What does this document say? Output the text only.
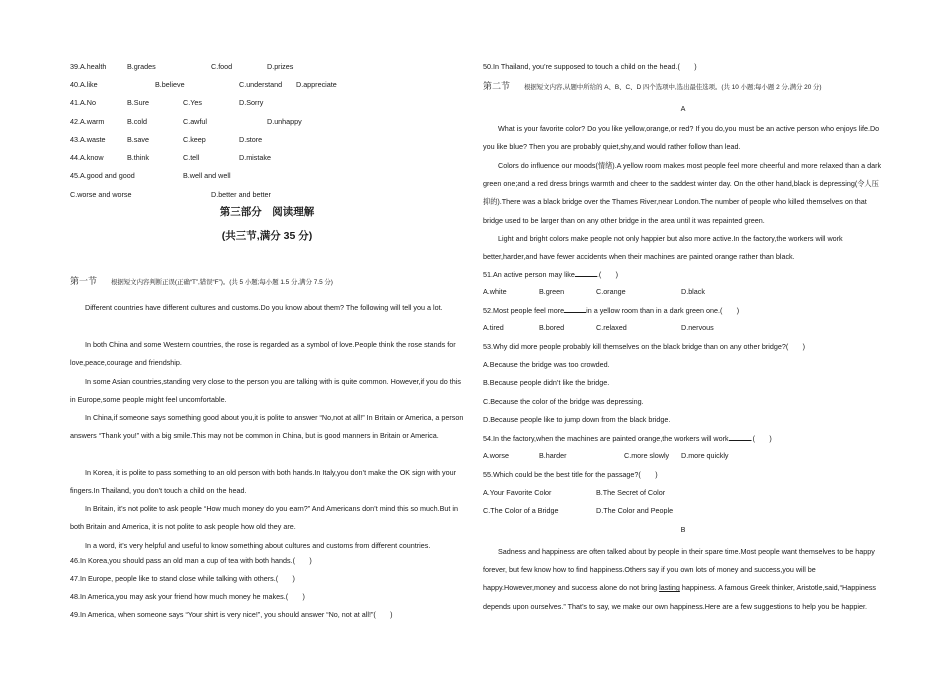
39.A.health	B.grades	C.food	D.prizes
40.A.like	B.believe	C.understand D.appreciate
41.A.No	B.Sure	C.Yes	D.Sorry
42.A.warm	B.cold	C.awful	D.unhappy
43.A.waste	B.save	C.keep	D.store
44.A.know	B.think	C.tell	D.mistake
45.A.good and good	B.well and well
C.worse and worse	D.better and better
第三部分　阅读理解
(共三节,满分 35 分)
第一节 根据短文内容判断正误(正确“T”,错误“F”)。(共 5 小题;每小题 1.5 分,满分 7.5 分)
Different countries have different cultures and customs.Do you know about them? The following will tell you a lot.
In both China and some Western countries, the rose is regarded as a symbol of love.People think the rose stands for love,peace,courage and friendship.
In some Asian countries,standing very close to the person you are talking with is quite common. However,if you do this in Europe,some people might feel uncomfortable.
In China,if someone says something good about you,it is polite to answer “No,not at all!” In Britain or America, a person answers “Thank you!” with a big smile.This may not be common in China, but is good manners in Britain or America.
In Korea, it is polite to pass something to an old person with both hands.In Italy,you don’t make the OK sign with your fingers.In Thailand, you don’t touch a child on the head.
In Britain, it’s not polite to ask people “How much money do you earn?” And Americans don’t mind this so much.But in both Britain and America, it is not polite to ask people how old they are.
In a word, it’s very helpful and useful to know something about cultures and customs from different countries.
46.In Korea,you should pass an old man a cup of tea with both hands.(　　)
47.In Europe, people like to stand close while talking with others.(　　)
48.In America,you may ask your friend how much money he makes.(　　)
49.In America, when someone says “Your shirt is very nice!”, you should answer “No, not at all!”(　　)
50.In Thailand, you’re supposed to touch a child on the head.(　　)
第二节 根据短文内容,从题中所给的 A、B、C、D 四个选项中,选出最佳选项。(共 10 小题;每小题 2 分,满分 20 分)
A
What is your favorite color? Do you like yellow,orange,or red? If you do,you must be an active person who enjoys life.Do you like blue? Then you are probably quiet,shy,and would rather follow than lead.
Colors do influence our moods(情绪).A yellow room makes most people feel more cheerful and more relaxed than a dark green one;and a red dress brings warmth and cheer to the saddest winter day. On the other hand,black is depressing(令人压抑的).There was a black bridge over the Thames River,near London.The number of people who killed themselves on that bridge used to be larger than on any other bridge in the area until it was repainted green.
Light and bright colors make people not only happier but also more active.In the factory,the workers will work better,harder,and have fewer accidents when their machines are painted orange rather than black.
51.An active person may like	.(　　)
A.white	B.green	C.orange	D.black
52.Most people feel more	in a yellow room than in a dark green one.(　　)
A.tired	B.bored	C.relaxed	D.nervous
53.Why did more people probably kill themselves on the black bridge than on any other bridge?(　　)
A.Because the bridge was too crowded.
B.Because people didn’t like the bridge.
C.Because the color of the bridge was depressing.
D.Because people like to jump down from the black bridge.
54.In the factory,when the machines are painted orange,the workers will work	.(　　)
A.worse	B.harder	C.more slowly D.more quickly
55.Which could be the best title for the passage?(　　)
A.Your Favorite Color	B.The Secret of Color
C.The Color of a Bridge	D.The Color and People
B
Sadness and happiness are often talked about by people in their spare time.Most people want themselves to be happy forever, but few know how to find happiness.Others say if you own lots of money and success,you will be happy.However,money and success alone do not bring lasting happiness. A famous Greek thinker, Aristotle,said,“Happiness depends upon ourselves.” That’s to say, we make our own happiness.Here are a few suggestions to help you be happier.
